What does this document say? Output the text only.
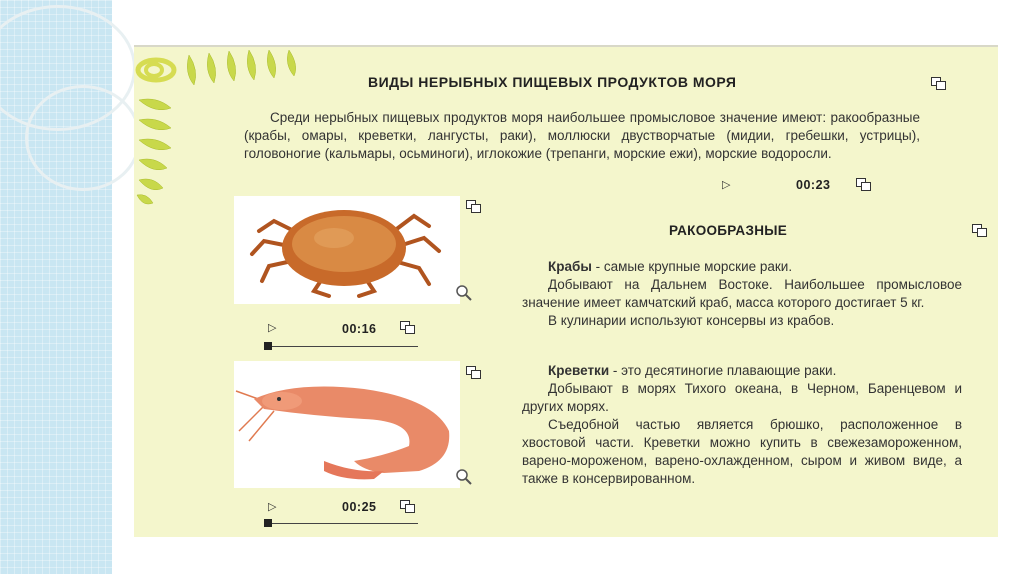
ВИДЫ НЕРЫБНЫХ ПИЩЕВЫХ ПРОДУКТОВ МОРЯ

Среди нерыбных пищевых продуктов моря наибольшее промысловое значение имеют: ракообразные (крабы, омары, креветки, лангусты, раки), моллюски двустворчатые (мидии, гребешки, устрицы), головоногие (кальмары, осьминоги), иглокожие (трепанги, морские ежи), морские водоросли.

▷	00:23
▷	00:16
▷	00:25
РАКООБРАЗНЫЕ

Крабы - самые крупные морские раки.

Добывают на Дальнем Востоке. Наибольшее промысловое значение имеет камчатский краб, масса которого достигает 5 кг.

В кулинарии используют консервы из крабов.

Креветки - это десятиногие плавающие раки.

Добывают в морях Тихого океана, в Черном, Баренцевом и других морях.

Съедобной частью является брюшко, расположенное в хвостовой части. Креветки можно купить в свежезамороженном, варено-мороженом, варено-охлажденном, сыром и живом виде, а также в консервированном.
